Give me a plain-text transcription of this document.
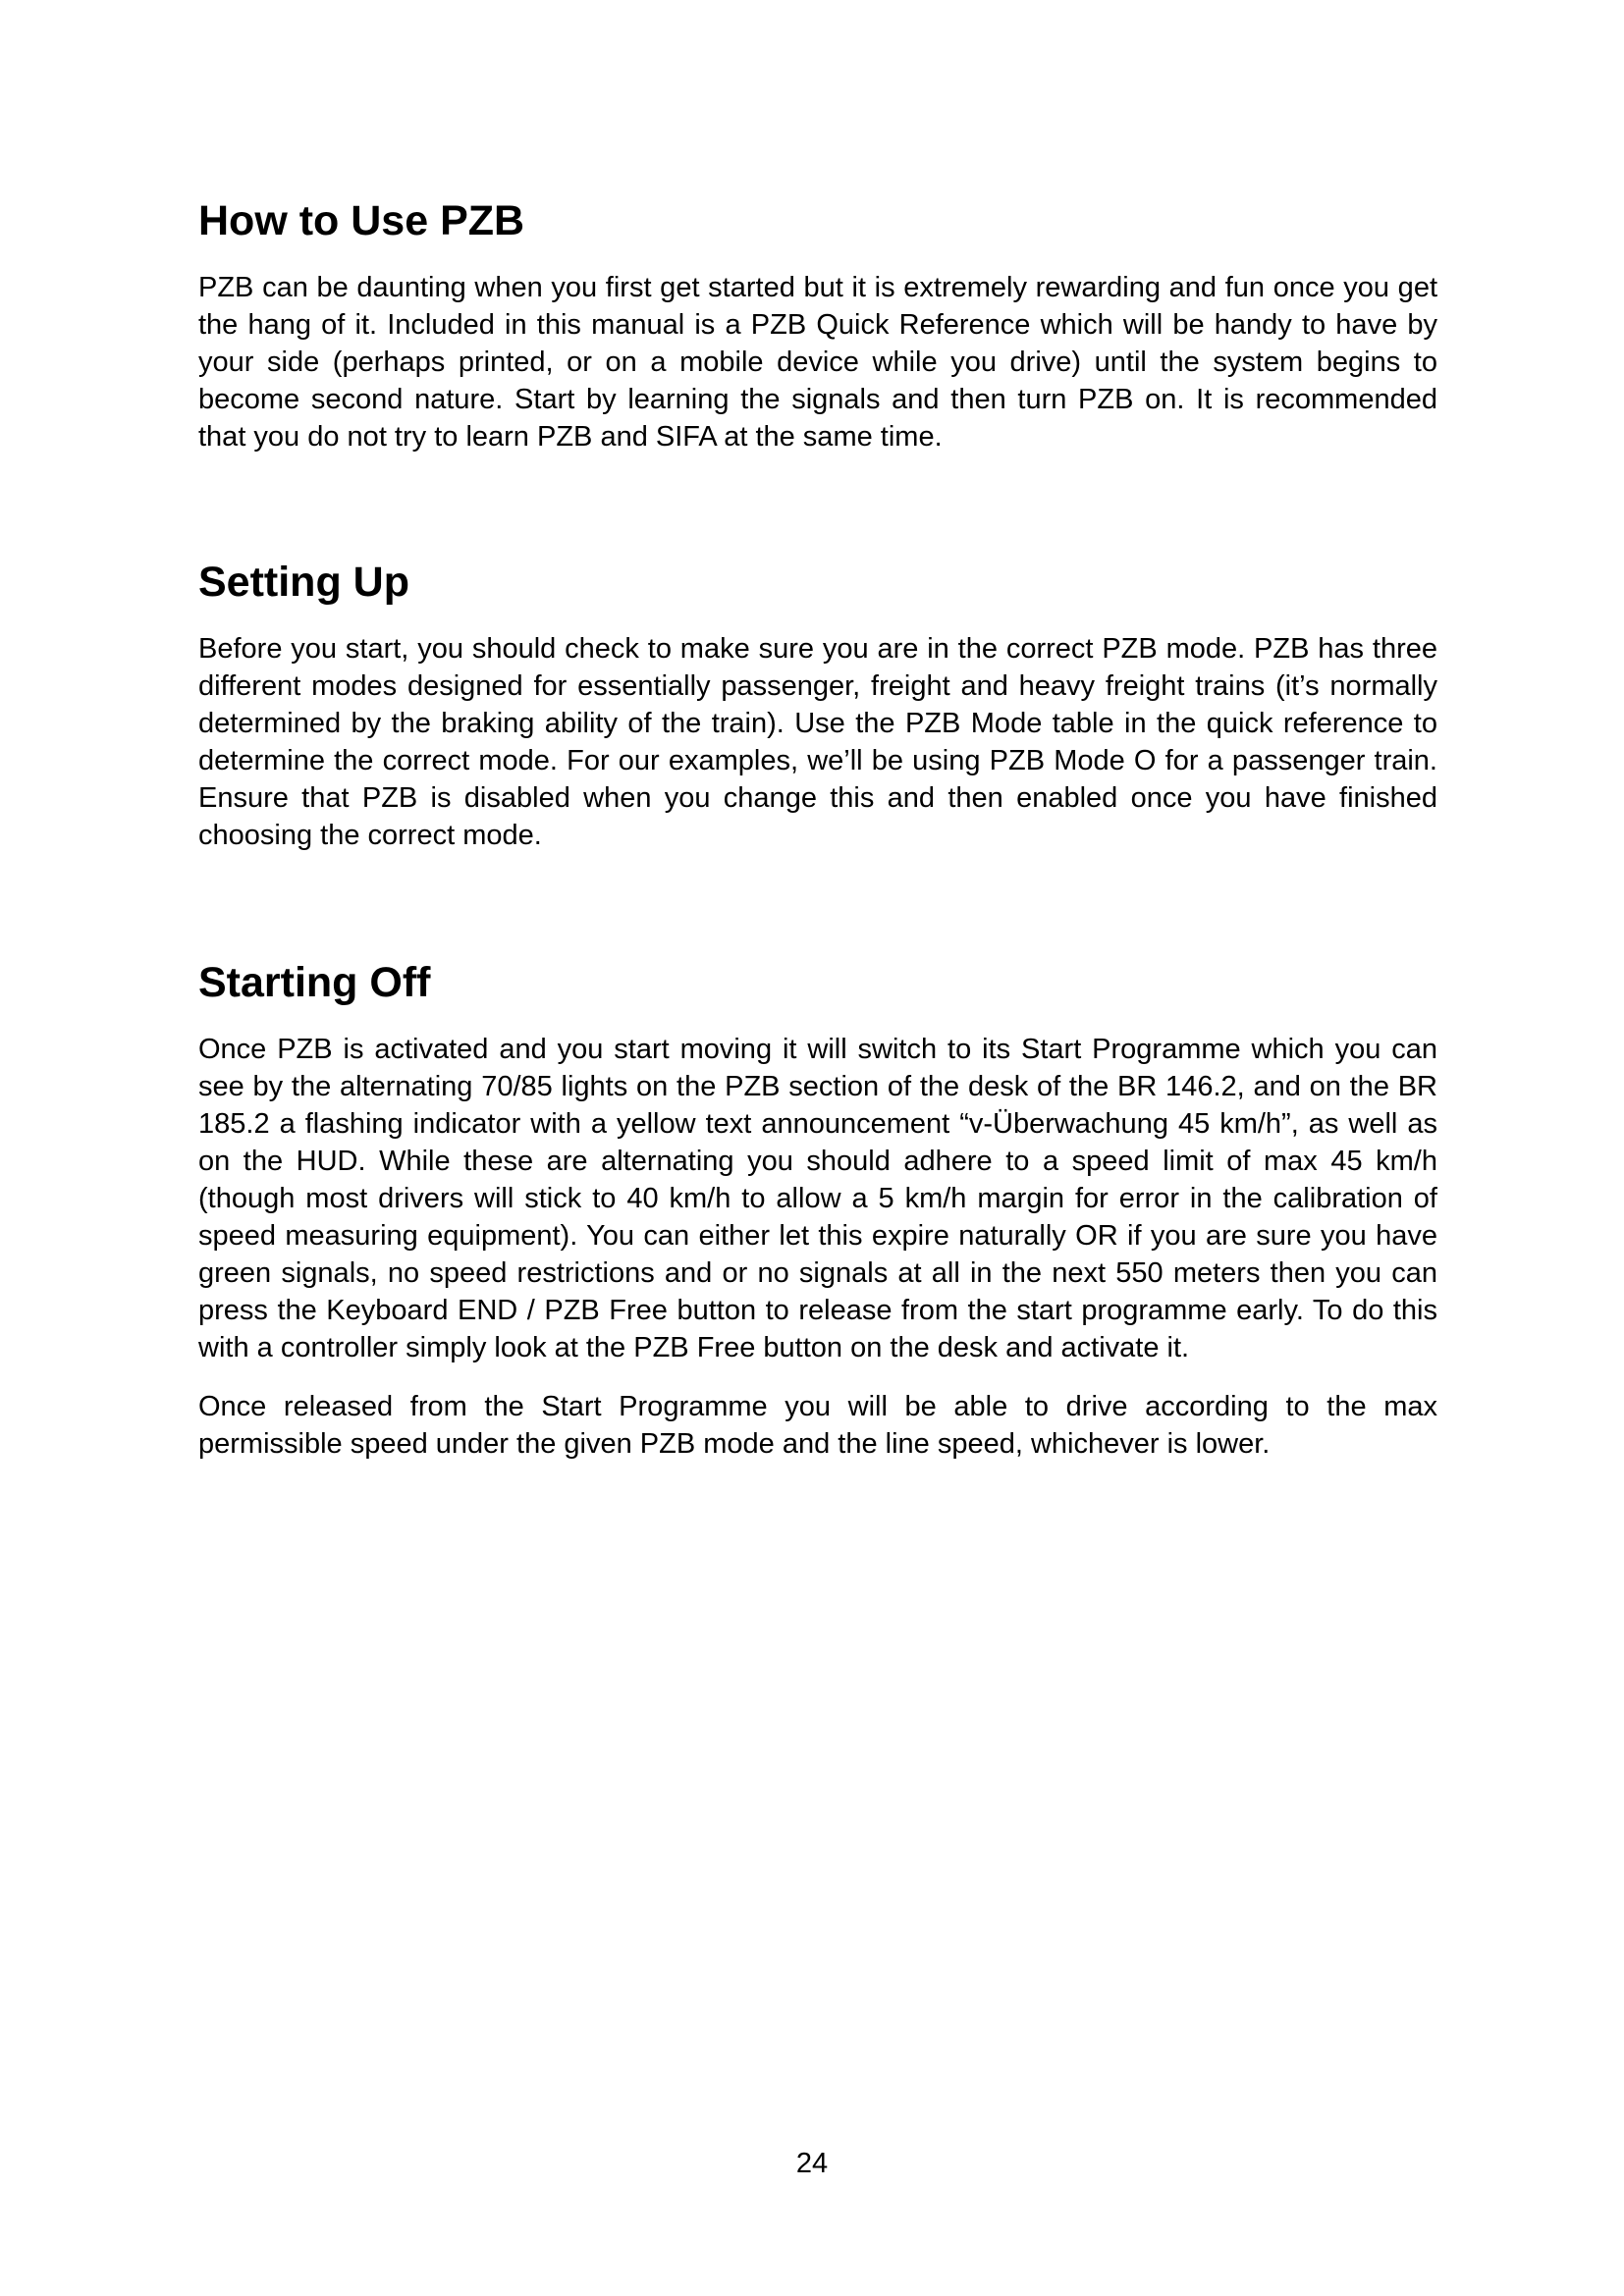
How to Use PZB

PZB can be daunting when you first get started but it is extremely rewarding and fun once you get the hang of it. Included in this manual is a PZB Quick Reference which will be handy to have by your side (perhaps printed, or on a mobile device while you drive) until the system begins to become second nature. Start by learning the signals and then turn PZB on. It is recommended that you do not try to learn PZB and SIFA at the same time.

Setting Up

Before you start, you should check to make sure you are in the correct PZB mode. PZB has three different modes designed for essentially passenger, freight and heavy freight trains (it’s normally determined by the braking ability of the train). Use the PZB Mode table in the quick reference to determine the correct mode. For our examples, we’ll be using PZB Mode O for a passenger train. Ensure that PZB is disabled when you change this and then enabled once you have finished choosing the correct mode.

Starting Off

Once PZB is activated and you start moving it will switch to its Start Programme which you can see by the alternating 70/85 lights on the PZB section of the desk of the BR 146.2, and on the BR 185.2 a flashing indicator with a yellow text announcement “v-Überwachung 45 km/h”, as well as on the HUD. While these are alternating you should adhere to a speed limit of max 45 km/h (though most drivers will stick to 40 km/h to allow a 5 km/h margin for error in the calibration of speed measuring equipment). You can either let this expire naturally OR if you are sure you have green signals, no speed restrictions and or no signals at all in the next 550 meters then you can press the Keyboard END / PZB Free button to release from the start programme early. To do this with a controller simply look at the PZB Free button on the desk and activate it.

Once released from the Start Programme you will be able to drive according to the max permissible speed under the given PZB mode and the line speed, whichever is lower.

24
